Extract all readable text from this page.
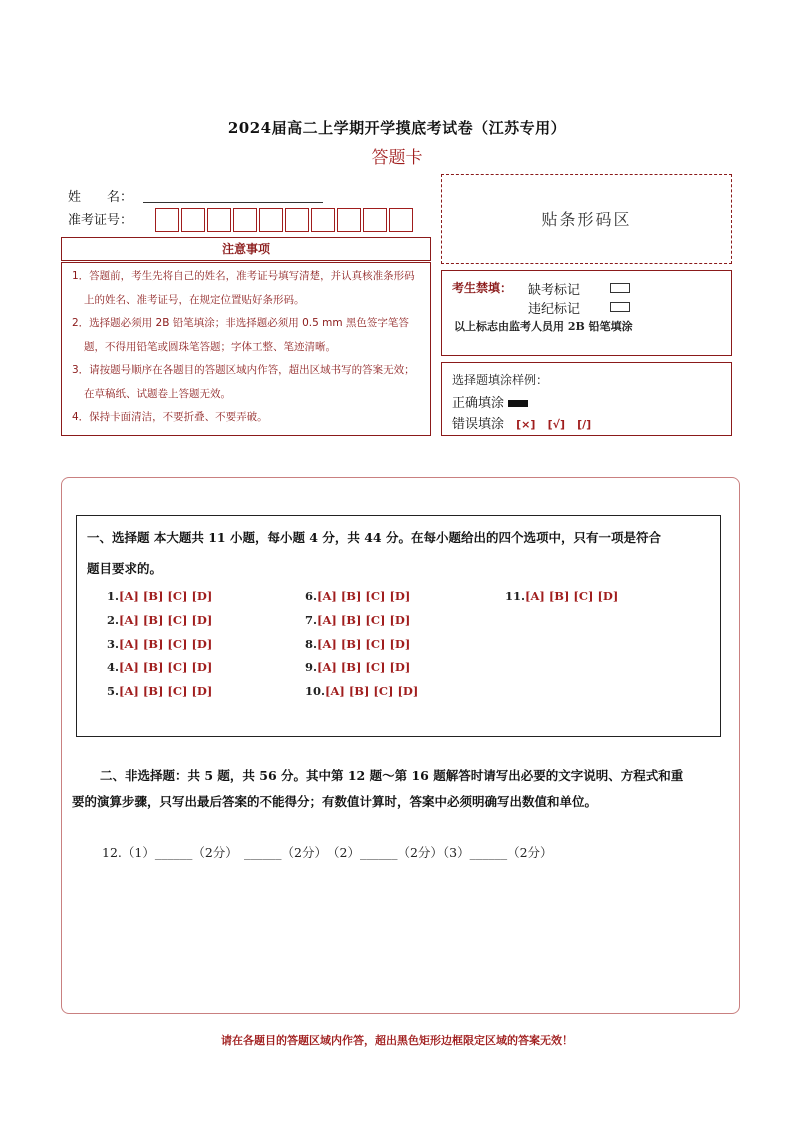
2024届高二上学期开学摸底考试卷（江苏专用）
答题卡
姓　　名：
准考证号：
注意事项
1．答题前，考生先将自己的姓名，准考证号填写清楚，并认真核准条形码上的姓名、准考证号，在规定位置贴好条形码。
2．选择题必须用 2B 铅笔填涂；非选择题必须用 0.5 mm 黑色签字笔答题，不得用铅笔或圆珠笔答题；字体工整、笔迹清晰。
3．请按题号顺序在各题目的答题区域内作答，超出区域书写的答案无效；在草稿纸、试题卷上答题无效。
4．保持卡面清洁，不要折叠、不要弄破。
贴条形码区
考生禁填： 缺考标记
违纪标记
以上标志由监考人员用 2B 铅笔填涂
选择题填涂样例：
正确填涂
错误填涂 [×] [√] [/]
一、选择题 本大题共 11 小题，每小题 4 分，共 44 分。在每小题给出的四个选项中，只有一项是符合
题目要求的。
1.[A] [B] [C] [D]
2.[A] [B] [C] [D]
3.[A] [B] [C] [D]
4.[A] [B] [C] [D]
5.[A] [B] [C] [D]
6.[A] [B] [C] [D]
7.[A] [B] [C] [D]
8.[A] [B] [C] [D]
9.[A] [B] [C] [D]
10.[A] [B] [C] [D]
11.[A] [B] [C] [D]
二、非选择题：共 5 题，共 56 分。其中第 12 题～第 16 题解答时请写出必要的文字说明、方程式和重
要的演算步骤，只写出最后答案的不能得分；有数值计算时，答案中必须明确写出数值和单位。
12.（1）______（2分）　______（2分）　（2）______（2分）（3）______（2分）
请在各题目的答题区域内作答，超出黑色矩形边框限定区域的答案无效！
